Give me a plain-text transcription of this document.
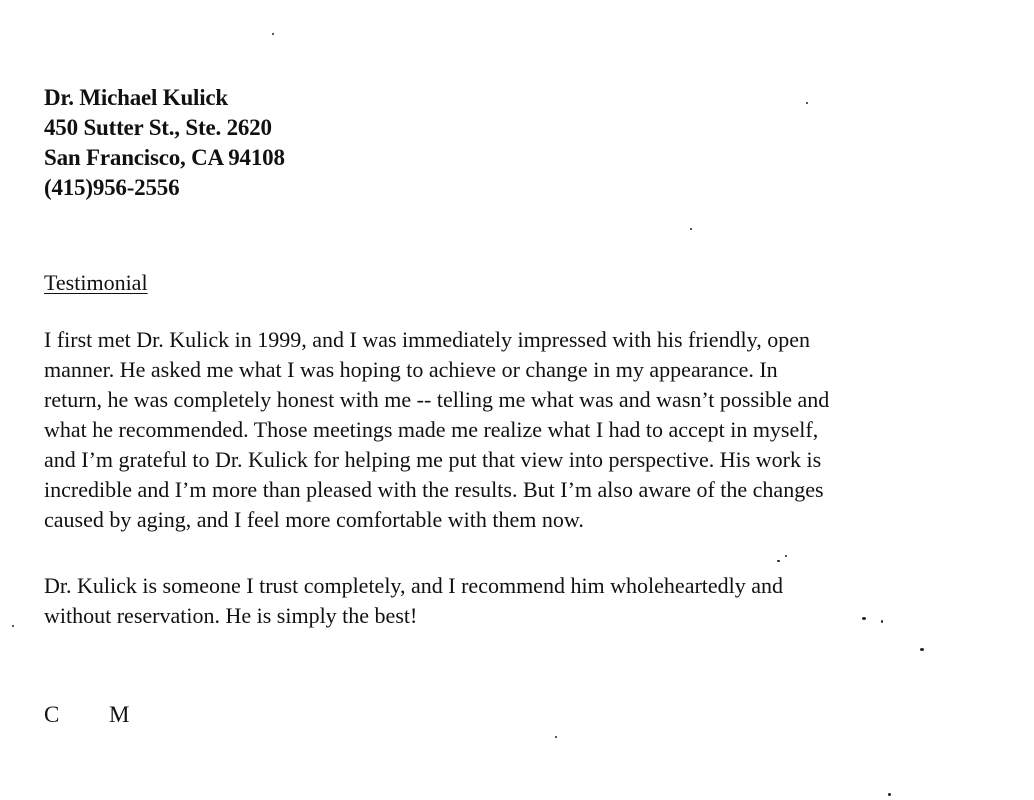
Dr. Michael Kulick
450 Sutter St., Ste. 2620
San Francisco, CA 94108
(415)956-2556
Testimonial
I first met Dr. Kulick in 1999, and I was immediately impressed with his friendly, open
manner. He asked me what I was hoping to achieve or change in my appearance. In
return, he was completely honest with me -- telling me what was and wasn’t possible and
what he recommended. Those meetings made me realize what I had to accept in myself,
and I’m grateful to Dr. Kulick for helping me put that view into perspective. His work is
incredible and I’m more than pleased with the results. But I’m also aware of the changes
caused by aging, and I feel more comfortable with them now.
Dr. Kulick is someone I trust completely, and I recommend him wholeheartedly and
without reservation. He is simply the best!
C M
